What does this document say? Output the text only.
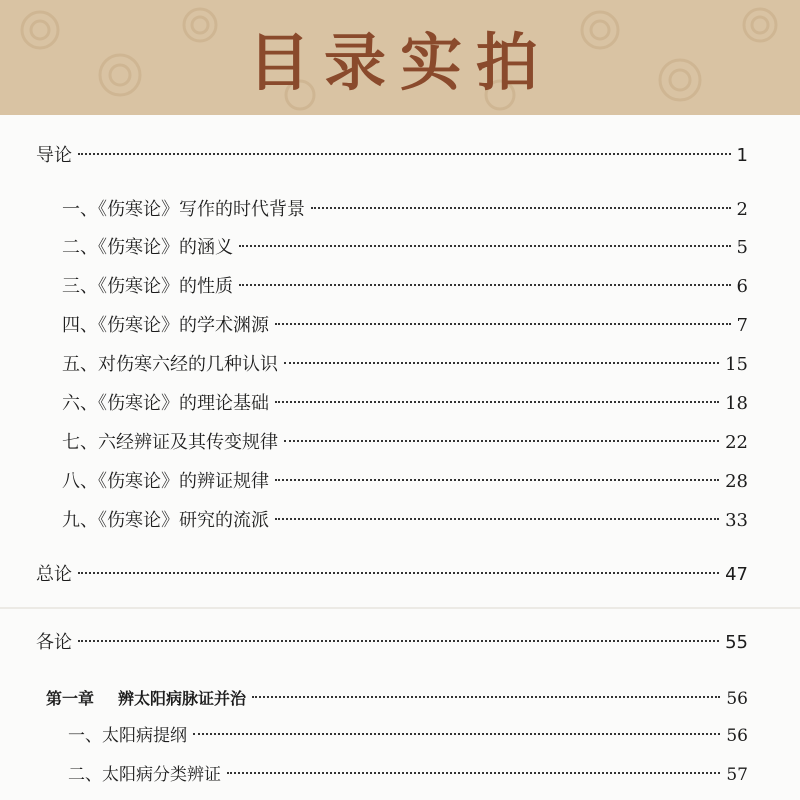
目录实拍
导论	1
一、《伤寒论》写作的时代背景	2
二、《伤寒论》的涵义	5
三、《伤寒论》的性质	6
四、《伤寒论》的学术渊源	7
五、对伤寒六经的几种认识	15
六、《伤寒论》的理论基础	18
七、六经辨证及其传变规律	22
八、《伤寒论》的辨证规律	28
九、《伤寒论》研究的流派	33
总论	47
各论	55
第一章 辨太阳病脉证并治	56
一、太阳病提纲	56
二、太阳病分类辨证	57
